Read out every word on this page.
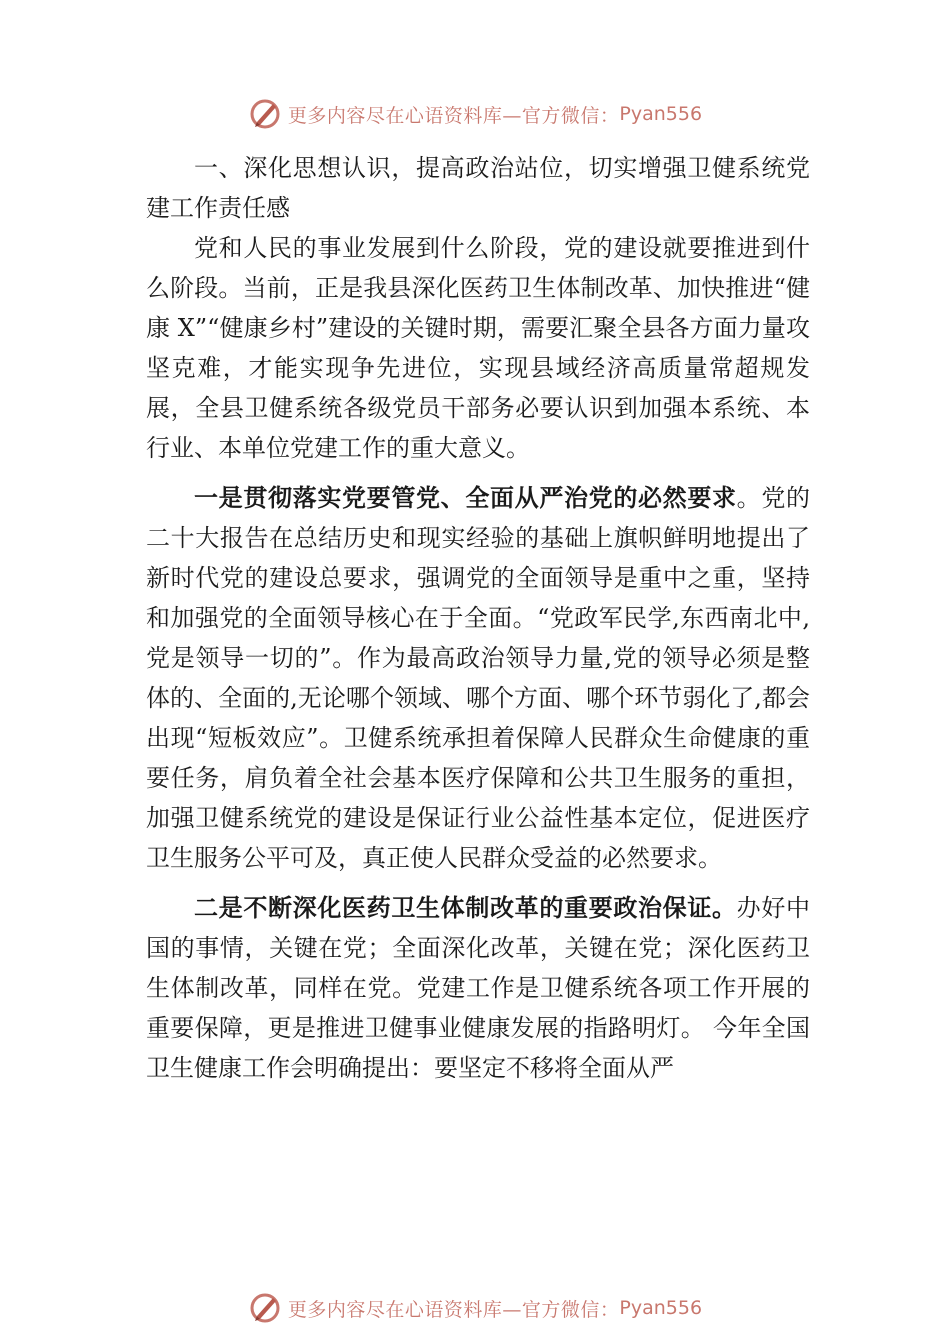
更多内容尽在心语资料库—官方微信： Pyan556

一、深化思想认识，提高政治站位，切实增强卫健系统党建工作责任感

党和人民的事业发展到什么阶段，党的建设就要推进到什么阶段。当前，正是我县深化医药卫生体制改革、加快推进“健康 X”“健康乡村”建设的关键时期，需要汇聚全县各方面力量攻坚克难，才能实现争先进位，实现县域经济高质量常超规发展，全县卫健系统各级党员干部务必要认识到加强本系统、本行业、本单位党建工作的重大意义。

一是贯彻落实党要管党、全面从严治党的必然要求。党的二十大报告在总结历史和现实经验的基础上旗帜鲜明地提出了新时代党的建设总要求，强调党的全面领导是重中之重，坚持和加强党的全面领导核心在于全面。“党政军民学,东西南北中,党是领导一切的”。作为最高政治领导力量,党的领导必须是整体的、全面的,无论哪个领域、哪个方面、哪个环节弱化了,都会出现“短板效应”。卫健系统承担着保障人民群众生命健康的重要任务，肩负着全社会基本医疗保障和公共卫生服务的重担，加强卫健系统党的建设是保证行业公益性基本定位，促进医疗卫生服务公平可及，真正使人民群众受益的必然要求。

二是不断深化医药卫生体制改革的重要政治保证。办好中国的事情，关键在党；全面深化改革，关键在党；深化医药卫生体制改革，同样在党。党建工作是卫健系统各项工作开展的重要保障，更是推进卫健事业健康发展的指路明灯。 今年全国卫生健康工作会明确提出：要坚定不移将全面从严

更多内容尽在心语资料库—官方微信： Pyan556
